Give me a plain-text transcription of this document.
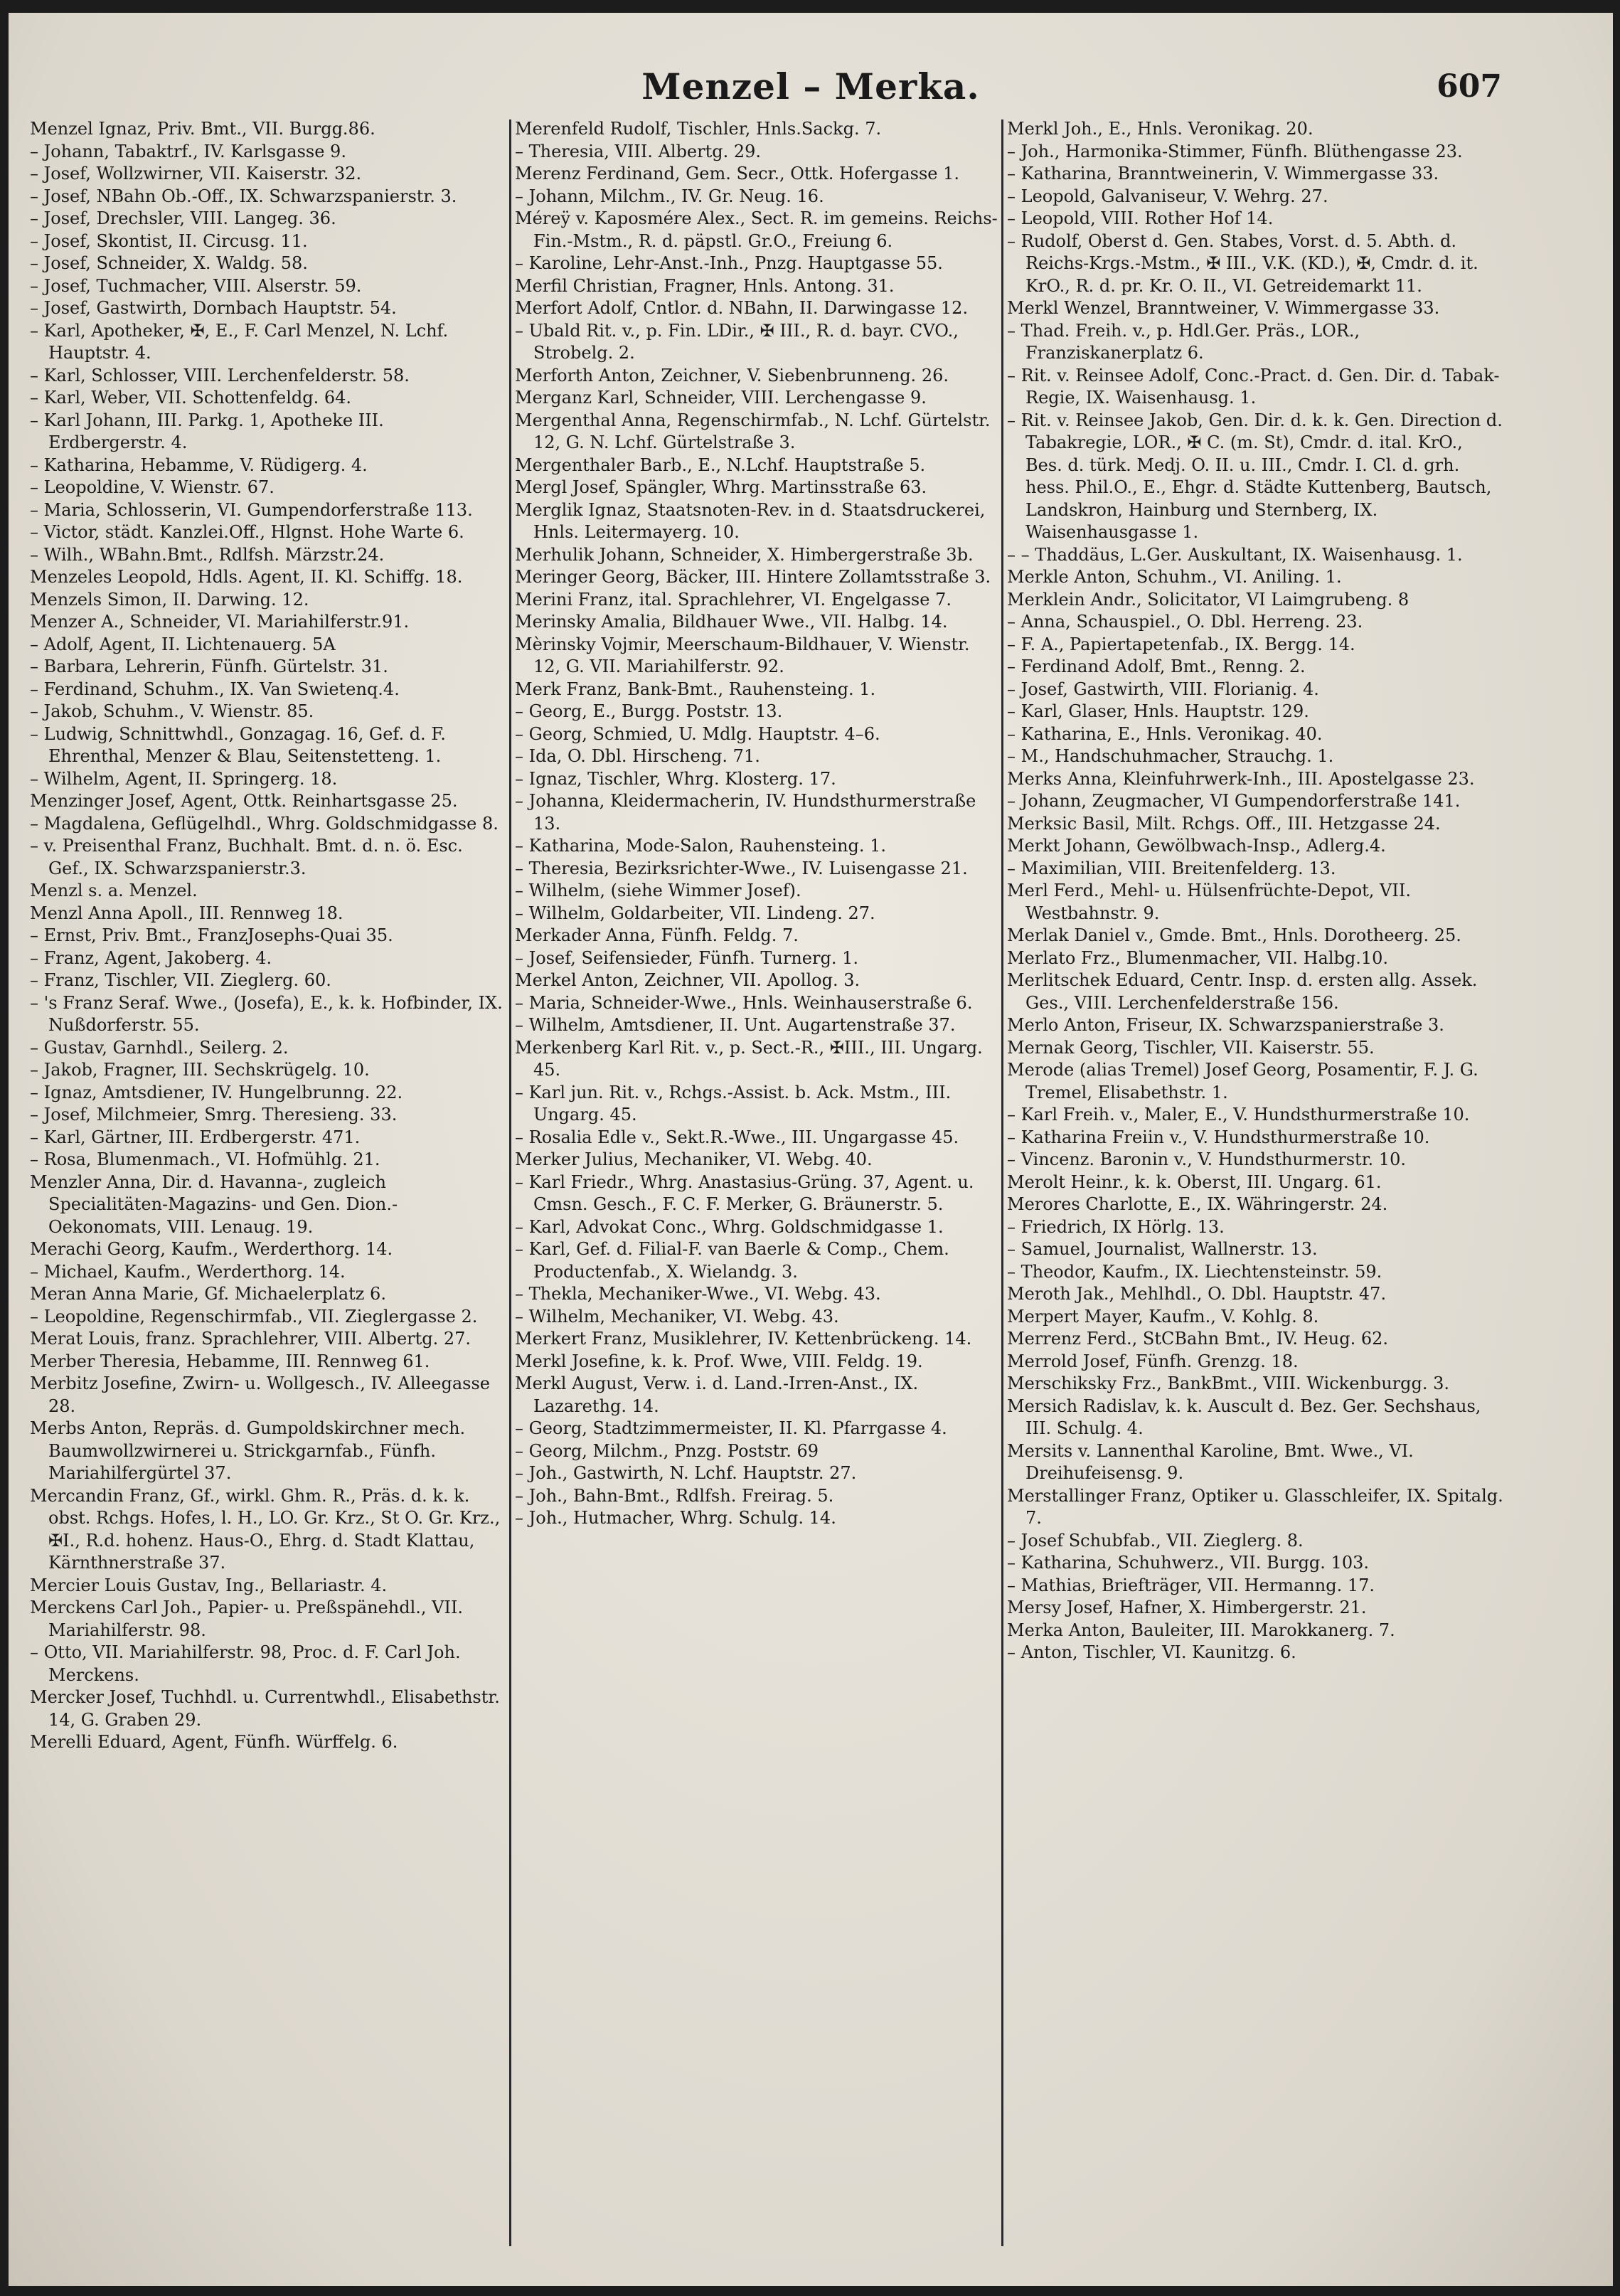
Menzel – Merka.	607

Menzel Ignaz, Priv. Bmt., VII. Burgg.86.

– Johann, Tabaktrf., IV. Karlsgasse 9.

– Josef, Wollzwirner, VII. Kaiserstr. 32.

– Josef, NBahn Ob.-Off., IX. Schwarzspanierstr. 3.

– Josef, Drechsler, VIII. Langeg. 36.

– Josef, Skontist, II. Circusg. 11.

– Josef, Schneider, X. Waldg. 58.

– Josef, Tuchmacher, VIII. Alserstr. 59.

– Josef, Gastwirth, Dornbach Hauptstr. 54.

– Karl, Apotheker, ✠, E., F. Carl Menzel, N. Lchf. Hauptstr. 4.

– Karl, Schlosser, VIII. Lerchenfelderstr. 58.

– Karl, Weber, VII. Schottenfeldg. 64.

– Karl Johann, III. Parkg. 1, Apotheke III. Erdbergerstr. 4.

– Katharina, Hebamme, V. Rüdigerg. 4.

– Leopoldine, V. Wienstr. 67.

– Maria, Schlosserin, VI. Gumpendorferstraße 113.

– Victor, städt. Kanzlei.Off., Hlgnst. Hohe Warte 6.

– Wilh., WBahn.Bmt., Rdlfsh. Märzstr.24.

Menzeles Leopold, Hdls. Agent, II. Kl. Schiffg. 18.

Menzels Simon, II. Darwing. 12.

Menzer A., Schneider, VI. Mariahilferstr.91.

– Adolf, Agent, II. Lichtenauerg. 5A

– Barbara, Lehrerin, Fünfh. Gürtelstr. 31.

– Ferdinand, Schuhm., IX. Van Swietenq.4.

– Jakob, Schuhm., V. Wienstr. 85.

– Ludwig, Schnittwhdl., Gonzagag. 16, Gef. d. F. Ehrenthal, Menzer & Blau, Seitenstetteng. 1.

– Wilhelm, Agent, II. Springerg. 18.

Menzinger Josef, Agent, Ottk. Reinhartsgasse 25.

– Magdalena, Geflügelhdl., Whrg. Goldschmidgasse 8.

– v. Preisenthal Franz, Buchhalt. Bmt. d. n. ö. Esc. Gef., IX. Schwarzspanierstr.3.

Menzl s. a. Menzel.

Menzl Anna Apoll., III. Rennweg 18.

– Ernst, Priv. Bmt., FranzJosephs-Quai 35.

– Franz, Agent, Jakoberg. 4.

– Franz, Tischler, VII. Zieglerg. 60.

– 's Franz Seraf. Wwe., (Josefa), E., k. k. Hofbinder, IX. Nußdorferstr. 55.

– Gustav, Garnhdl., Seilerg. 2.

– Jakob, Fragner, III. Sechskrügelg. 10.

– Ignaz, Amtsdiener, IV. Hungelbrunng. 22.

– Josef, Milchmeier, Smrg. Theresieng. 33.

– Karl, Gärtner, III. Erdbergerstr. 471.

– Rosa, Blumenmach., VI. Hofmühlg. 21.

Menzler Anna, Dir. d. Havanna-, zugleich Specialitäten-Magazins- und Gen. Dion.-Oekonomats, VIII. Lenaug. 19.

Merachi Georg, Kaufm., Werderthorg. 14.

– Michael, Kaufm., Werderthorg. 14.

Meran Anna Marie, Gf. Michaelerplatz 6.

– Leopoldine, Regenschirmfab., VII. Zieglergasse 2.

Merat Louis, franz. Sprachlehrer, VIII. Albertg. 27.

Merber Theresia, Hebamme, III. Rennweg 61.

Merbitz Josefine, Zwirn- u. Wollgesch., IV. Alleegasse 28.

Merbs Anton, Repräs. d. Gumpoldskirchner mech. Baumwollzwirnerei u. Strickgarnfab., Fünfh. Mariahilfergürtel 37.

Mercandin Franz, Gf., wirkl. Ghm. R., Präs. d. k. k. obst. Rchgs. Hofes, l. H., LO. Gr. Krz., St O. Gr. Krz., ✠I., R.d. hohenz. Haus-O., Ehrg. d. Stadt Klattau, Kärnthnerstraße 37.

Mercier Louis Gustav, Ing., Bellariastr. 4.

Merckens Carl Joh., Papier- u. Preßspänehdl., VII. Mariahilferstr. 98.

– Otto, VII. Mariahilferstr. 98, Proc. d. F. Carl Joh. Merckens.

Mercker Josef, Tuchhdl. u. Currentwhdl., Elisabethstr. 14, G. Graben 29.

Merelli Eduard, Agent, Fünfh. Würffelg. 6.

Merenfeld Rudolf, Tischler, Hnls.Sackg. 7.

– Theresia, VIII. Albertg. 29.

Merenz Ferdinand, Gem. Secr., Ottk. Hofergasse 1.

– Johann, Milchm., IV. Gr. Neug. 16.

Méreÿ v. Kaposmére Alex., Sect. R. im gemeins. Reichs-Fin.-Mstm., R. d. päpstl. Gr.O., Freiung 6.

– Karoline, Lehr-Anst.-Inh., Pnzg. Hauptgasse 55.

Merfil Christian, Fragner, Hnls. Antong. 31.

Merfort Adolf, Cntlor. d. NBahn, II. Darwingasse 12.

– Ubald Rit. v., p. Fin. LDir., ✠ III., R. d. bayr. CVO., Strobelg. 2.

Merforth Anton, Zeichner, V. Siebenbrunneng. 26.

Merganz Karl, Schneider, VIII. Lerchengasse 9.

Mergenthal Anna, Regenschirmfab., N. Lchf. Gürtelstr. 12, G. N. Lchf. Gürtelstraße 3.

Mergenthaler Barb., E., N.Lchf. Hauptstraße 5.

Mergl Josef, Spängler, Whrg. Martinsstraße 63.

Merglik Ignaz, Staatsnoten-Rev. in d. Staatsdruckerei, Hnls. Leitermayerg. 10.

Merhulik Johann, Schneider, X. Himbergerstraße 3b.

Meringer Georg, Bäcker, III. Hintere Zollamtsstraße 3.

Merini Franz, ital. Sprachlehrer, VI. Engelgasse 7.

Merinsky Amalia, Bildhauer Wwe., VII. Halbg. 14.

Mèrinsky Vojmir, Meerschaum-Bildhauer, V. Wienstr. 12, G. VII. Mariahilferstr. 92.

Merk Franz, Bank-Bmt., Rauhensteing. 1.

– Georg, E., Burgg. Poststr. 13.

– Georg, Schmied, U. Mdlg. Hauptstr. 4–6.

– Ida, O. Dbl. Hirscheng. 71.

– Ignaz, Tischler, Whrg. Klosterg. 17.

– Johanna, Kleidermacherin, IV. Hundsthurmerstraße 13.

– Katharina, Mode-Salon, Rauhensteing. 1.

– Theresia, Bezirksrichter-Wwe., IV. Luisengasse 21.

– Wilhelm, (siehe Wimmer Josef).

– Wilhelm, Goldarbeiter, VII. Lindeng. 27.

Merkader Anna, Fünfh. Feldg. 7.

– Josef, Seifensieder, Fünfh. Turnerg. 1.

Merkel Anton, Zeichner, VII. Apollog. 3.

– Maria, Schneider-Wwe., Hnls. Weinhauserstraße 6.

– Wilhelm, Amtsdiener, II. Unt. Augartenstraße 37.

Merkenberg Karl Rit. v., p. Sect.-R., ✠III., III. Ungarg. 45.

– Karl jun. Rit. v., Rchgs.-Assist. b. Ack. Mstm., III. Ungarg. 45.

– Rosalia Edle v., Sekt.R.-Wwe., III. Ungargasse 45.

Merker Julius, Mechaniker, VI. Webg. 40.

– Karl Friedr., Whrg. Anastasius-Grüng. 37, Agent. u. Cmsn. Gesch., F. C. F. Merker, G. Bräunerstr. 5.

– Karl, Advokat Conc., Whrg. Goldschmidgasse 1.

– Karl, Gef. d. Filial-F. van Baerle & Comp., Chem. Productenfab., X. Wielandg. 3.

– Thekla, Mechaniker-Wwe., VI. Webg. 43.

– Wilhelm, Mechaniker, VI. Webg. 43.

Merkert Franz, Musiklehrer, IV. Kettenbrückeng. 14.

Merkl Josefine, k. k. Prof. Wwe, VIII. Feldg. 19.

Merkl August, Verw. i. d. Land.-Irren-Anst., IX. Lazarethg. 14.

– Georg, Stadtzimmermeister, II. Kl. Pfarrgasse 4.

– Georg, Milchm., Pnzg. Poststr. 69

– Joh., Gastwirth, N. Lchf. Hauptstr. 27.

– Joh., Bahn-Bmt., Rdlfsh. Freirag. 5.

– Joh., Hutmacher, Whrg. Schulg. 14.

Merkl Joh., E., Hnls. Veronikag. 20.

– Joh., Harmonika-Stimmer, Fünfh. Blüthengasse 23.

– Katharina, Branntweinerin, V. Wimmergasse 33.

– Leopold, Galvaniseur, V. Wehrg. 27.

– Leopold, VIII. Rother Hof 14.

– Rudolf, Oberst d. Gen. Stabes, Vorst. d. 5. Abth. d. Reichs-Krgs.-Mstm., ✠ III., V.K. (KD.), ✠, Cmdr. d. it. KrO., R. d. pr. Kr. O. II., VI. Getreidemarkt 11.

Merkl Wenzel, Branntweiner, V. Wimmergasse 33.

– Thad. Freih. v., p. Hdl.Ger. Präs., LOR., Franziskanerplatz 6.

– Rit. v. Reinsee Adolf, Conc.-Pract. d. Gen. Dir. d. Tabak-Regie, IX. Waisenhausg. 1.

– Rit. v. Reinsee Jakob, Gen. Dir. d. k. k. Gen. Direction d. Tabakregie, LOR., ✠ C. (m. St), Cmdr. d. ital. KrO., Bes. d. türk. Medj. O. II. u. III., Cmdr. I. Cl. d. grh. hess. Phil.O., E., Ehgr. d. Städte Kuttenberg, Bautsch, Landskron, Hainburg und Sternberg, IX. Waisenhausgasse 1.

– – Thaddäus, L.Ger. Auskultant, IX. Waisenhausg. 1.

Merkle Anton, Schuhm., VI. Aniling. 1.

Merklein Andr., Solicitator, VI Laimgrubeng. 8

– Anna, Schauspiel., O. Dbl. Herreng. 23.

– F. A., Papiertapetenfab., IX. Bergg. 14.

– Ferdinand Adolf, Bmt., Renng. 2.

– Josef, Gastwirth, VIII. Florianig. 4.

– Karl, Glaser, Hnls. Hauptstr. 129.

– Katharina, E., Hnls. Veronikag. 40.

– M., Handschuhmacher, Strauchg. 1.

Merks Anna, Kleinfuhrwerk-Inh., III. Apostelgasse 23.

– Johann, Zeugmacher, VI Gumpendorferstraße 141.

Merksic Basil, Milt. Rchgs. Off., III. Hetzgasse 24.

Merkt Johann, Gewölbwach-Insp., Adlerg.4.

– Maximilian, VIII. Breitenfelderg. 13.

Merl Ferd., Mehl- u. Hülsenfrüchte-Depot, VII. Westbahnstr. 9.

Merlak Daniel v., Gmde. Bmt., Hnls. Dorotheerg. 25.

Merlato Frz., Blumenmacher, VII. Halbg.10.

Merlitschek Eduard, Centr. Insp. d. ersten allg. Assek. Ges., VIII. Lerchenfelderstraße 156.

Merlo Anton, Friseur, IX. Schwarzspanierstraße 3.

Mernak Georg, Tischler, VII. Kaiserstr. 55.

Merode (alias Tremel) Josef Georg, Posamentir, F. J. G. Tremel, Elisabethstr. 1.

– Karl Freih. v., Maler, E., V. Hundsthurmerstraße 10.

– Katharina Freiin v., V. Hundsthurmerstraße 10.

– Vincenz. Baronin v., V. Hundsthurmerstr. 10.

Merolt Heinr., k. k. Oberst, III. Ungarg. 61.

Merores Charlotte, E., IX. Währingerstr. 24.

– Friedrich, IX Hörlg. 13.

– Samuel, Journalist, Wallnerstr. 13.

– Theodor, Kaufm., IX. Liechtensteinstr. 59.

Meroth Jak., Mehlhdl., O. Dbl. Hauptstr. 47.

Merpert Mayer, Kaufm., V. Kohlg. 8.

Merrenz Ferd., StCBahn Bmt., IV. Heug. 62.

Merrold Josef, Fünfh. Grenzg. 18.

Merschiksky Frz., BankBmt., VIII. Wickenburgg. 3.

Mersich Radislav, k. k. Auscult d. Bez. Ger. Sechshaus, III. Schulg. 4.

Mersits v. Lannenthal Karoline, Bmt. Wwe., VI. Dreihufeisensg. 9.

Merstallinger Franz, Optiker u. Glasschleifer, IX. Spitalg. 7.

– Josef Schubfab., VII. Zieglerg. 8.

– Katharina, Schuhwerz., VII. Burgg. 103.

– Mathias, Briefträger, VII. Hermanng. 17.

Mersy Josef, Hafner, X. Himbergerstr. 21.

Merka Anton, Bauleiter, III. Marokkanerg. 7.

– Anton, Tischler, VI. Kaunitzg. 6.
